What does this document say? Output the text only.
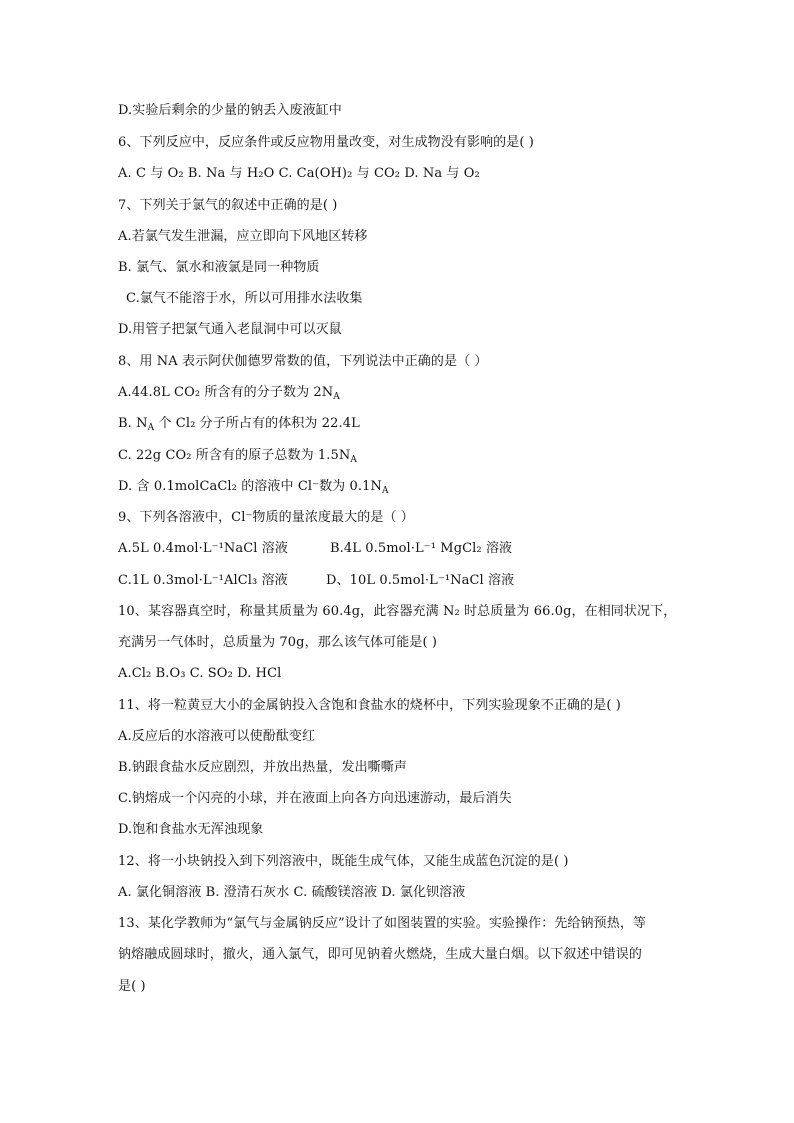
D.实验后剩余的少量的钠丢入废液缸中
6、下列反应中，反应条件或反应物用量改变，对生成物没有影响的是( )
A. C 与 O₂ B. Na 与 H₂O C. Ca(OH)₂ 与 CO₂ D. Na 与 O₂
7、下列关于氯气的叙述中正确的是( )
A.若氯气发生泄漏，应立即向下风地区转移
B. 氯气、氯水和液氯是同一种物质
C.氯气不能溶于水，所以可用排水法收集
D.用管子把氯气通入老鼠洞中可以灭鼠
8、用 NA 表示阿伏伽德罗常数的值，下列说法中正确的是（ ）
A.44.8L CO₂ 所含有的分子数为 $2N_A$
B. $N_A$ 个 Cl₂ 分子所占有的体积为 22.4L
C. 22g CO₂ 所含有的原子总数为 $1.5N_A$
D. 含 0.1molCaCl₂ 的溶液中 Cl⁻数为 $0.1N_A$
9、下列各溶液中，Cl⁻物质的量浓度最大的是（ ）
A.5L 0.4mol·L⁻¹NaCl 溶液	B.4L 0.5mol·L⁻¹ MgCl₂ 溶液
C.1L 0.3mol·L⁻¹AlCl₃ 溶液	D、10L 0.5mol·L⁻¹NaCl 溶液
10、某容器真空时，称量其质量为 60.4g，此容器充满 N₂ 时总质量为 66.0g，在相同状况下，
充满另一气体时，总质量为 70g，那么该气体可能是( )
A.Cl₂ B.O₃ C. SO₂ D. HCl
11、将一粒黄豆大小的金属钠投入含饱和食盐水的烧杯中，下列实验现象不正确的是( )
A.反应后的水溶液可以使酚酞变红
B.钠跟食盐水反应剧烈，并放出热量，发出嘶嘶声
C.钠熔成一个闪亮的小球，并在液面上向各方向迅速游动，最后消失
D.饱和食盐水无浑浊现象
12、将一小块钠投入到下列溶液中，既能生成气体，又能生成蓝色沉淀的是( )
A. 氯化铜溶液 B. 澄清石灰水 C. 硫酸镁溶液 D. 氯化钡溶液
13、某化学教师为“氯气与金属钠反应”设计了如图装置的实验。实验操作：先给钠预热，等
钠熔融成圆球时，撤火，通入氯气，即可见钠着火燃烧，生成大量白烟。以下叙述中错误的
是( )
